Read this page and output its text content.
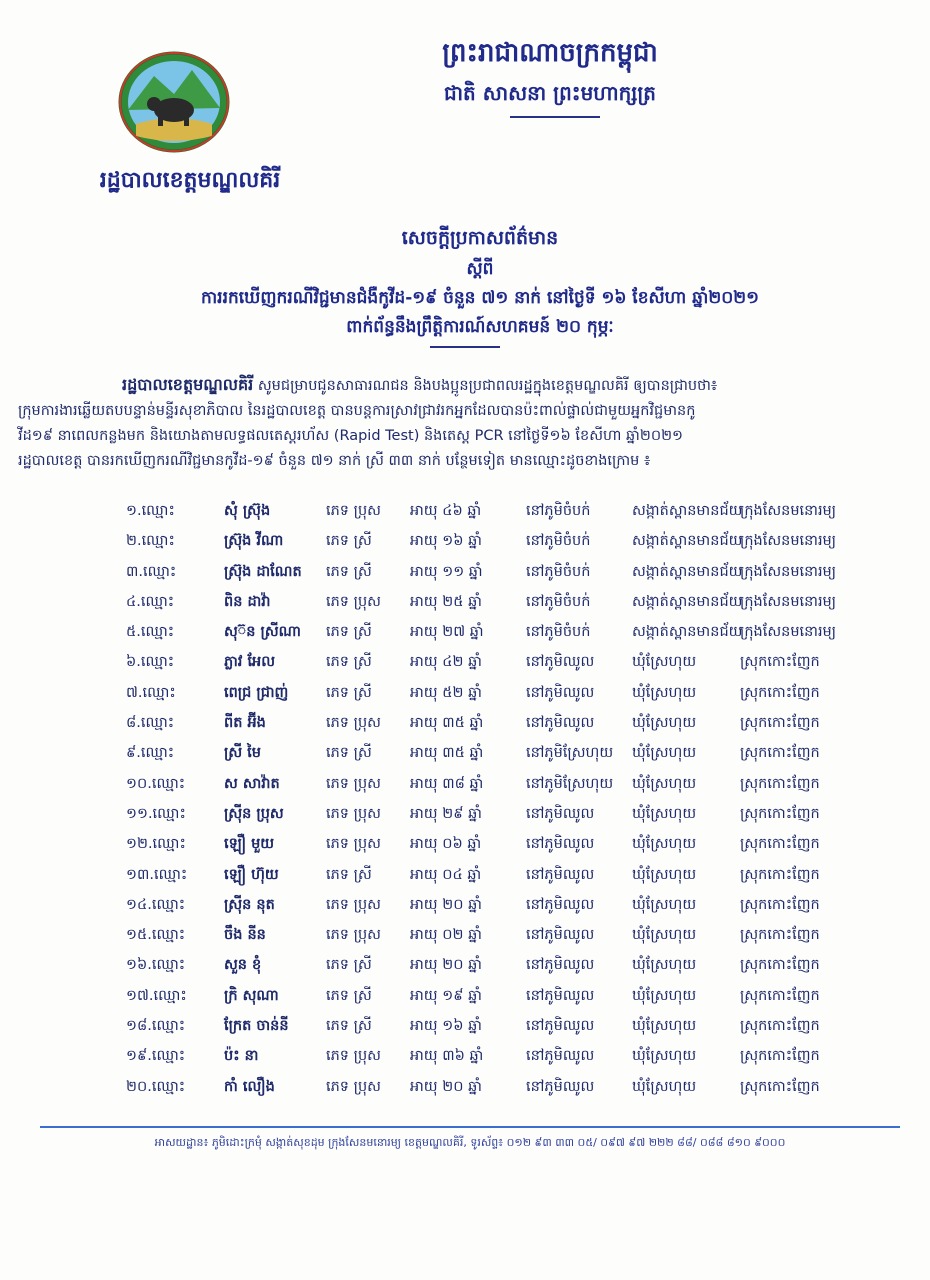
រដ្ឋបាលខេត្តមណ្ឌលគិរី
ព្រះរាជាណាចក្រកម្ពុជា
ជាតិ សាសនា ព្រះមហាក្សត្រ
សេចក្តីប្រកាសព័ត៌មាន
ស្តីពី
ការរកឃើញករណីវិជ្ជមានជំងឺកូវីដ-១៩ ចំនួន ៧១ នាក់ នៅថ្ងៃទី ១៦ ខែសីហា ឆ្នាំ២០២១
ពាក់ព័ន្ធនឹងព្រឹត្តិការណ៍សហគមន៍ ២០ កុម្ភៈ
រដ្ឋបាលខេត្តមណ្ឌលគិរី សូមជម្រាបជូនសាធារណជន និងបងប្អូនប្រជាពលរដ្ឋក្នុងខេត្តមណ្ឌលគិរី ឲ្យបានជ្រាបថា៖
ក្រុមការងារឆ្លើយតបបន្ទាន់មន្ទីរសុខាភិបាល នៃរដ្ឋបាលខេត្ត បានបន្តការស្រាវជ្រាវរកអ្នកដែលបានប៉ះពាល់ផ្ទាល់ជាមួយអ្នកវិជ្ជមានកូ
វីដ១៩ នាពេលកន្លងមក និងយោងតាមលទ្ធផលតេស្តរហ័ស (Rapid Test) និងតេស្ត PCR នៅថ្ងៃទី១៦ ខែសីហា ឆ្នាំ២០២១
រដ្ឋបាលខេត្ត បានរកឃើញករណីវិជ្ជមានកូវីដ-១៩ ចំនួន ៧១ នាក់ ស្រី ៣៣ នាក់ បន្ថែមទៀត មានឈ្មោះដូចខាងក្រោម ៖
១.ឈ្មោះ	សុំ ស្រ៊ុង	ភេទ ប្រុស អាយុ ៤៦ ឆ្នាំ	នៅភូមិចំបក់	សង្កាត់ស្ពានមានជ័យ
ក្រុងសែនមនោរម្យ
២.ឈ្មោះ	ស្រ៊ុង វីណា	ភេទ ស្រី	អាយុ ១៦ ឆ្នាំ	នៅភូមិចំបក់	សង្កាត់ស្ពានមានជ័យ
ក្រុងសែនមនោរម្យ
៣.ឈ្មោះ	ស្រ៊ុង ដាណែត ភេទ ស្រី	អាយុ ១១ ឆ្នាំ	នៅភូមិចំបក់	សង្កាត់ស្ពានមានជ័យ
ក្រុងសែនមនោរម្យ
៤.ឈ្មោះ	ពិន ដាវ៉ា	ភេទ ប្រុស អាយុ ២៥ ឆ្នាំ	នៅភូមិចំបក់	សង្កាត់ស្ពានមានជ័យ
ក្រុងសែនមនោរម្យ
៥.ឈ្មោះ	សុ៊ន ស្រីណា ភេទ ស្រី	អាយុ ២៧ ឆ្នាំ	នៅភូមិចំបក់	សង្កាត់ស្ពានមានជ័យ
ក្រុងសែនមនោរម្យ
៦.ឈ្មោះ	ភ្លាវ អែល	ភេទ ស្រី	អាយុ ៤២ ឆ្នាំ	នៅភូមិឈូល	ឃុំស្រែហុយ	ស្រុកកោះញែក
៧.ឈ្មោះ	ពេជ្រ ជ្រាញ់	ភេទ ស្រី	អាយុ ៥២ ឆ្នាំ	នៅភូមិឈូល	ឃុំស្រែហុយ	ស្រុកកោះញែក
៨.ឈ្មោះ	ពីត អ៊ីង	ភេទ ប្រុស អាយុ ៣៥ ឆ្នាំ	នៅភូមិឈូល	ឃុំស្រែហុយ	ស្រុកកោះញែក
៩.ឈ្មោះ	ស្រី មៃ	ភេទ ស្រី	អាយុ ៣៥ ឆ្នាំ	នៅភូមិស្រែហុយ ឃុំស្រែហុយ	ស្រុកកោះញែក
១០.ឈ្មោះ	ស សាវ៉ាត	ភេទ ប្រុស អាយុ ៣៨ ឆ្នាំ	នៅភូមិស្រែហុយ ឃុំស្រែហុយ	ស្រុកកោះញែក
១១.ឈ្មោះ	ស្រ៊ីន ប្រុស	ភេទ ប្រុស អាយុ ២៩ ឆ្នាំ	នៅភូមិឈូល	ឃុំស្រែហុយ	ស្រុកកោះញែក
១២.ឈ្មោះ	ឡឿ មួយ	ភេទ ប្រុស អាយុ ០៦ ឆ្នាំ	នៅភូមិឈូល	ឃុំស្រែហុយ	ស្រុកកោះញែក
១៣.ឈ្មោះ	ឡឿ ហ៊ុយ	ភេទ ស្រី	អាយុ ០៤ ឆ្នាំ	នៅភូមិឈូល	ឃុំស្រែហុយ	ស្រុកកោះញែក
១៤.ឈ្មោះ	ស្រ៊ីន នុត	ភេទ ប្រុស អាយុ ២០ ឆ្នាំ	នៅភូមិឈូល	ឃុំស្រែហុយ	ស្រុកកោះញែក
១៥.ឈ្មោះ	ចឹង នីន	ភេទ ប្រុស អាយុ ០២ ឆ្នាំ	នៅភូមិឈូល	ឃុំស្រែហុយ	ស្រុកកោះញែក
១៦.ឈ្មោះ	សួន ខុំ	ភេទ ស្រី	អាយុ ២០ ឆ្នាំ	នៅភូមិឈូល	ឃុំស្រែហុយ	ស្រុកកោះញែក
១៧.ឈ្មោះ	ក្រិ សុណា	ភេទ ស្រី	អាយុ ១៩ ឆ្នាំ	នៅភូមិឈូល	ឃុំស្រែហុយ	ស្រុកកោះញែក
១៨.ឈ្មោះ	ក្រែត ចាន់នី	ភេទ ស្រី	អាយុ ១៦ ឆ្នាំ	នៅភូមិឈូល	ឃុំស្រែហុយ	ស្រុកកោះញែក
១៩.ឈ្មោះ	ប៉ះ នា	ភេទ ប្រុស អាយុ ៣៦ ឆ្នាំ	នៅភូមិឈូល	ឃុំស្រែហុយ	ស្រុកកោះញែក
២០.ឈ្មោះ	កាំ លឿង	ភេទ ប្រុស អាយុ ២០ ឆ្នាំ	នៅភូមិឈូល	ឃុំស្រែហុយ	ស្រុកកោះញែក
អាសយដ្ឋាន៖ ភូមិដោះក្រមុំ សង្កាត់សុខដុម ក្រុងសែនមនោរម្យ ខេត្តមណ្ឌលគិរី, ទូរស័ព្ទ៖ ០១២ ៩៣ ៣៣ ០៥/ ០៩៧ ៩៧ ២២២ ៨៨/ ០៨៨ ៨១០ ៩០០០
